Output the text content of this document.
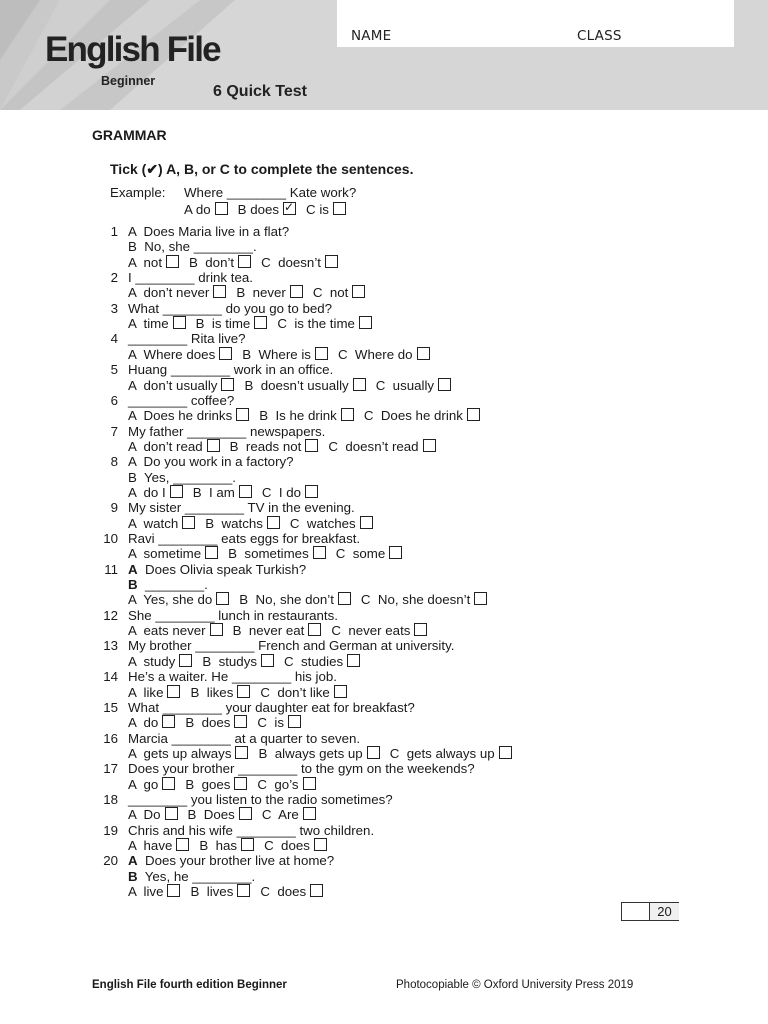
NAME	CLASS
English File
Beginner
6 Quick Test
GRAMMAR
Tick (✔) A, B, or C to complete the sentences.
Example: Where ________ Kate work?
A do B does✓ C is
1 A  Does Maria live in a flat?
B  No, she ________.
A  not B  don’t C  doesn’t
2 I ________ drink tea.
A  don’t never B  never C  not
3 What ________ do you go to bed?
A  time B  is time C  is the time
4 ________ Rita live?
A  Where does B  Where is C  Where do
5 Huang ________ work in an office.
A  don’t usually B  doesn’t usually C  usually
6 ________ coffee?
A  Does he drinks B  Is he drink C  Does he drink
7 My father ________ newspapers.
A  don’t read B  reads not C  doesn’t read
8 A  Do you work in a factory?
B  Yes, ________.
A  do I B  I am C  I do
9 My sister ________ TV in the evening.
A  watch B  watchs C  watches
10 Ravi ________ eats eggs for breakfast.
A  sometime B  sometimes C  some
11 A  Does Olivia speak Turkish?
B  ________.
A  Yes, she do B  No, she don’t C  No, she doesn’t
12 She ________ lunch in restaurants.
A  eats never B  never eat C  never eats
13 My brother ________ French and German at university.
A  study B  studys C  studies
14 He’s a waiter. He ________ his job.
A  like B  likes C  don’t like
15 What ________ your daughter eat for breakfast?
A  do B  does C  is
16 Marcia ________ at a quarter to seven.
A  gets up always B  always gets up C  gets always up
17 Does your brother ________ to the gym on the weekends?
A  go B  goes C  go’s
18 ________ you listen to the radio sometimes?
A  Do B  Does C  Are
19 Chris and his wife ________ two children.
A  have B  has C  does
20 A  Does your brother live at home?
B  Yes, he ________.
A  live B  lives C  does
20
English File fourth edition Beginner	Photocopiable © Oxford University Press 2019
